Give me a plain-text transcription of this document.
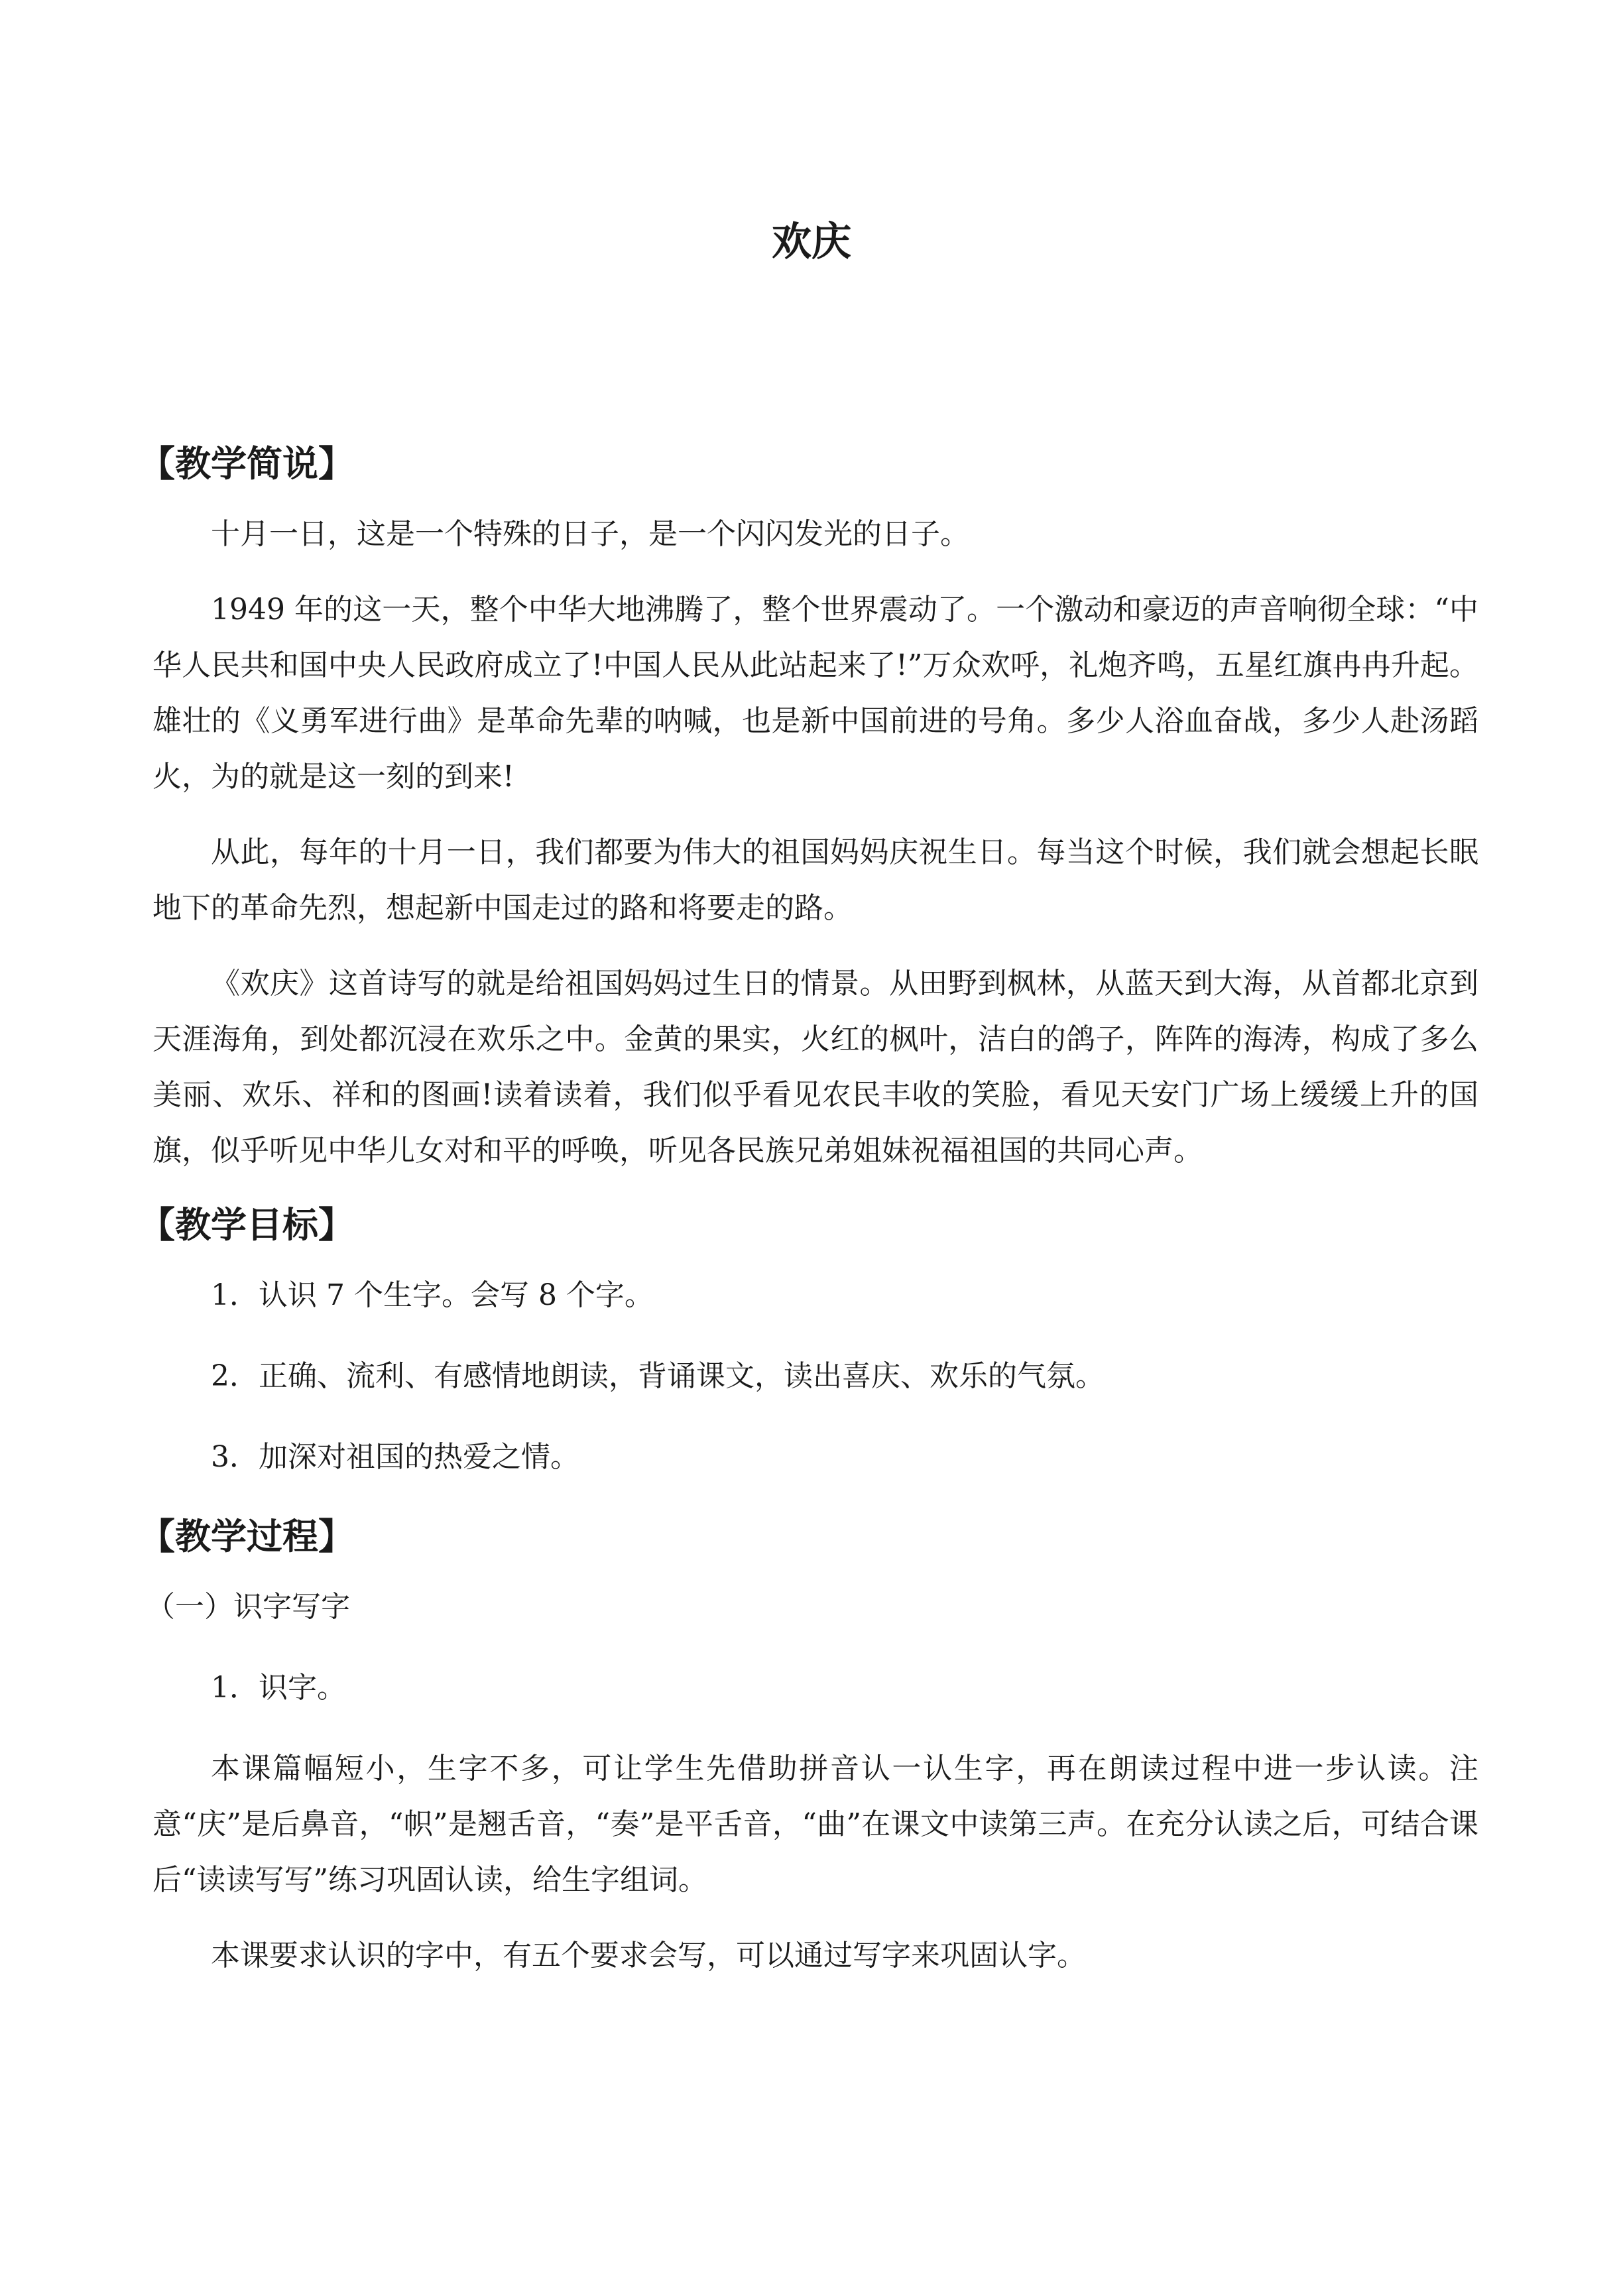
欢庆
【教学简说】

十月一日，这是一个特殊的日子，是一个闪闪发光的日子。

1949 年的这一天，整个中华大地沸腾了，整个世界震动了。一个激动和豪迈的声音响彻全球：“中华人民共和国中央人民政府成立了!中国人民从此站起来了!”万众欢呼，礼炮齐鸣，五星红旗冉冉升起。雄壮的《义勇军进行曲》是革命先辈的呐喊，也是新中国前进的号角。多少人浴血奋战，多少人赴汤蹈火，为的就是这一刻的到来!

从此，每年的十月一日，我们都要为伟大的祖国妈妈庆祝生日。每当这个时候，我们就会想起长眠地下的革命先烈，想起新中国走过的路和将要走的路。

《欢庆》这首诗写的就是给祖国妈妈过生日的情景。从田野到枫林，从蓝天到大海，从首都北京到天涯海角，到处都沉浸在欢乐之中。金黄的果实，火红的枫叶，洁白的鸽子，阵阵的海涛，构成了多么美丽、欢乐、祥和的图画!读着读着，我们似乎看见农民丰收的笑脸，看见天安门广场上缓缓上升的国旗，似乎听见中华儿女对和平的呼唤，听见各民族兄弟姐妹祝福祖国的共同心声。

【教学目标】

1．认识 7 个生字。会写 8 个字。

2．正确、流利、有感情地朗读，背诵课文，读出喜庆、欢乐的气氛。

3．加深对祖国的热爱之情。

【教学过程】

（一）识字写字

1．识字。

本课篇幅短小，生字不多，可让学生先借助拼音认一认生字，再在朗读过程中进一步认读。注意“庆”是后鼻音，“帜”是翘舌音，“奏”是平舌音，“曲”在课文中读第三声。在充分认读之后，可结合课后“读读写写”练习巩固认读，给生字组词。

本课要求认识的字中，有五个要求会写，可以通过写字来巩固认字。
